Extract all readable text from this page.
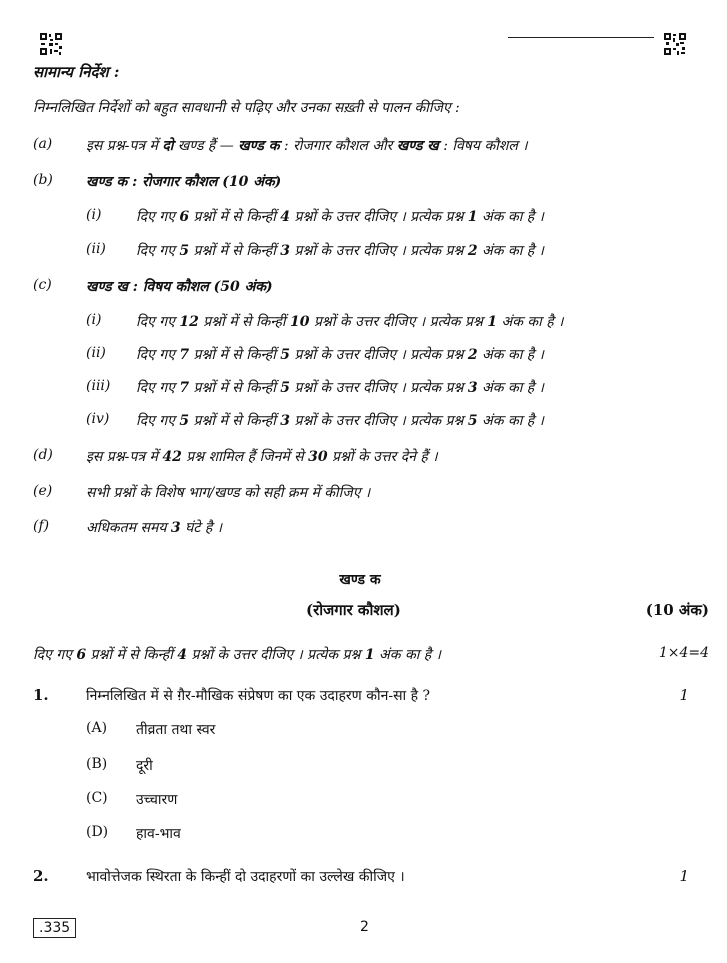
सामान्य निर्देश :
निम्नलिखित निर्देशों को बहुत सावधानी से पढ़िए और उनका सख़्ती से पालन कीजिए :
(a) इस प्रश्न-पत्र में दो खण्ड हैं — खण्ड क : रोजगार कौशल और खण्ड ख : विषय कौशल ।
(b) खण्ड क : रोजगार कौशल (10 अंक)
(i) दिए गए 6 प्रश्नों में से किन्हीं 4 प्रश्नों के उत्तर दीजिए । प्रत्येक प्रश्न 1 अंक का है ।
(ii) दिए गए 5 प्रश्नों में से किन्हीं 3 प्रश्नों के उत्तर दीजिए । प्रत्येक प्रश्न 2 अंक का है ।
(c) खण्ड ख : विषय कौशल (50 अंक)
(i) दिए गए 12 प्रश्नों में से किन्हीं 10 प्रश्नों के उत्तर दीजिए । प्रत्येक प्रश्न 1 अंक का है ।
(ii) दिए गए 7 प्रश्नों में से किन्हीं 5 प्रश्नों के उत्तर दीजिए । प्रत्येक प्रश्न 2 अंक का है ।
(iii) दिए गए 7 प्रश्नों में से किन्हीं 5 प्रश्नों के उत्तर दीजिए । प्रत्येक प्रश्न 3 अंक का है ।
(iv) दिए गए 5 प्रश्नों में से किन्हीं 3 प्रश्नों के उत्तर दीजिए । प्रत्येक प्रश्न 5 अंक का है ।
(d) इस प्रश्न-पत्र में 42 प्रश्न शामिल हैं जिनमें से 30 प्रश्नों के उत्तर देने हैं ।
(e) सभी प्रश्नों के विशेष भाग/खण्ड को सही क्रम में कीजिए ।
(f)	अधिकतम समय 3 घंटे है ।
खण्ड क
(रोजगार कौशल)	(10 अंक)
दिए गए 6 प्रश्नों में से किन्हीं 4 प्रश्नों के उत्तर दीजिए । प्रत्येक प्रश्न 1 अंक का है ।	1×4=4
1.	निम्नलिखित में से ग़ैर-मौखिक संप्रेषण का एक उदाहरण कौन-सा है ?	1
(A) तीव्रता तथा स्वर
(B) दूरी
(C) उच्चारण
(D) हाव-भाव
2.	भावोत्तेजक स्थिरता के किन्हीं दो उदाहरणों का उल्लेख कीजिए ।	1
.335	2
